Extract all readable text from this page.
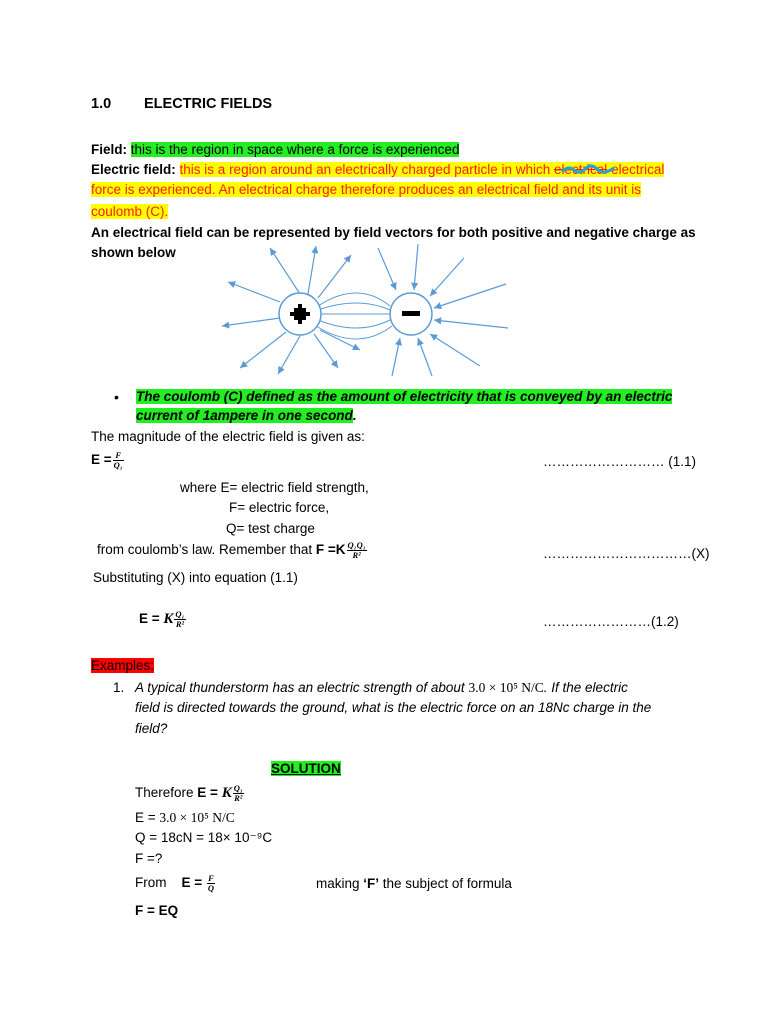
1.0 ELECTRIC FIELDS
Field: this is the region in space where a force is experienced
Electric field: this is a region around an electrically charged particle in which electrical electrical
force is experienced. An electrical charge therefore produces an electrical field and its unit is
coulomb (C).
An electrical field can be represented by field vectors for both positive and negative charge as
shown below
• The coulomb (C) defined as the amount of electricity that is conveyed by an electric
current of 1ampere in one second.
The magnitude of the electric field is given as:
$E = \frac{F}{\text{Q₁}}$	……………………… (1.1)
where E= electric field strength,
F= electric force,
Q= test charge
from coulomb’s law. Remember that $F =K \frac{\text{Q₁Q₁}}{\text{R²}}$	……………………………(X)
Substituting (X) into equation (1.1)
E = K $\frac{\text{Q₁}}{\text{R²}}$	……………………(1.2)
Examples:
1. A typical thunderstorm has an electric strength of about 3.0 × 10⁵ N/C. If the electric
field is directed towards the ground, what is the electric force on an 18Nc charge in the
field?
SOLUTION
Therefore E = K $\frac{\text{Q₁}}{\text{R²}}$
E = 3.0 × 10⁵ N/C
Q = 18cN = 18× 10⁻⁹C
F =?
From $E = \frac{F}{Q}$	making ‘F’ the subject of formula
F = EQ
